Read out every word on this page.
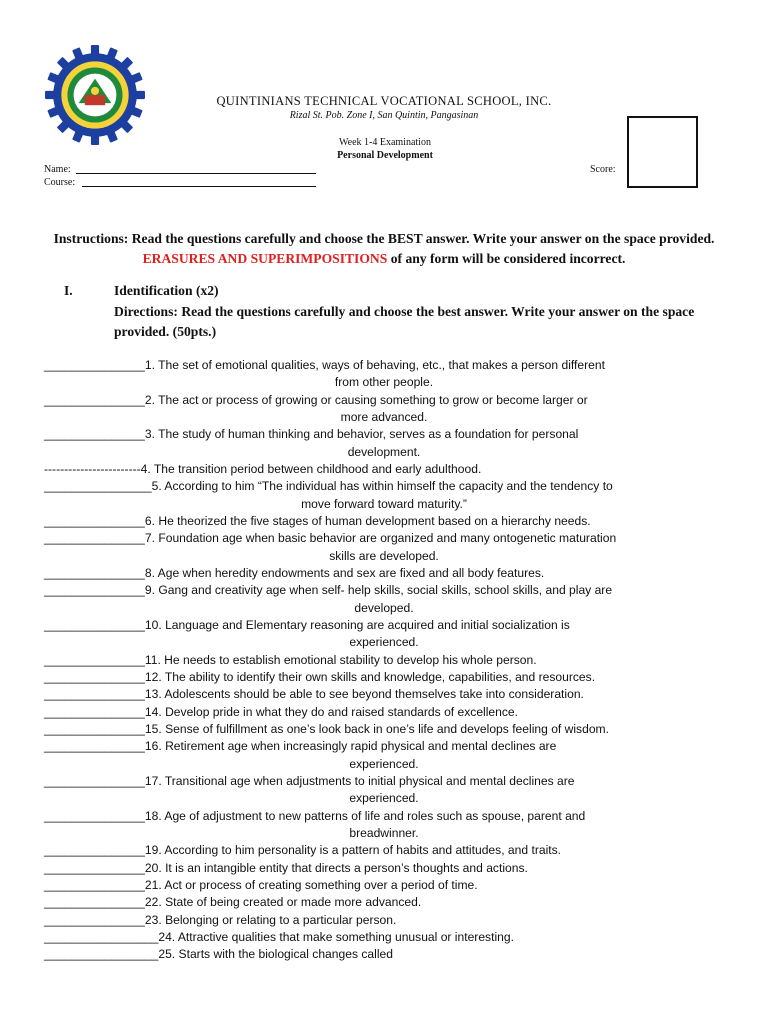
QUINTINIANS TECHNICAL VOCATIONAL SCHOOL, INC.
Rizal St. Pob. Zone I, San Quintin, Pangasinan
Week 1-4 Examination
Personal Development
Name:
Course:
Score:
Instructions: Read the questions carefully and choose the BEST answer. Write your answer on the space provided. ERASURES AND SUPERIMPOSITIONS of any form will be considered incorrect.
I.	Identification (x2)
Directions: Read the questions carefully and choose the best answer. Write your answer on the space provided. (50pts.)
_______________1. The set of emotional qualities, ways of behaving, etc., that makes a person different
from other people.
_______________2. The act or process of growing or causing something to grow or become larger or
more advanced.
_______________3. The study of human thinking and behavior, serves as a foundation for personal
development.
------------------------4. The transition period between childhood and early adulthood.
________________5. According to him “The individual has within himself the capacity and the tendency to
move forward toward maturity.”
_______________6. He theorized the five stages of human development based on a hierarchy needs.
_______________7. Foundation age when basic behavior are organized and many ontogenetic maturation
skills are developed.
_______________8. Age when heredity endowments and sex are fixed and all body features.
_______________9. Gang and creativity age when self- help skills, social skills, school skills, and play are
developed.
_______________10. Language and Elementary reasoning are acquired and initial socialization is
experienced.
_______________11. He needs to establish emotional stability to develop his whole person.
_______________12. The ability to identify their own skills and knowledge, capabilities, and resources.
_______________13. Adolescents should be able to see beyond themselves take into consideration.
_______________14. Develop pride in what they do and raised standards of excellence.
_______________15. Sense of fulfillment as one’s look back in one’s life and develops feeling of wisdom.
_______________16. Retirement age when increasingly rapid physical and mental declines are
experienced.
_______________17. Transitional age when adjustments to initial physical and mental declines are
experienced.
_______________18. Age of adjustment to new patterns of life and roles such as spouse, parent and
breadwinner.
_______________19. According to him personality is a pattern of habits and attitudes, and traits.
_______________20. It is an intangible entity that directs a person’s thoughts and actions.
_______________21. Act or process of creating something over a period of time.
_______________22. State of being created or made more advanced.
_______________23. Belonging or relating to a particular person.
_________________24. Attractive qualities that make something unusual or interesting.
_________________25. Starts with the biological changes called
